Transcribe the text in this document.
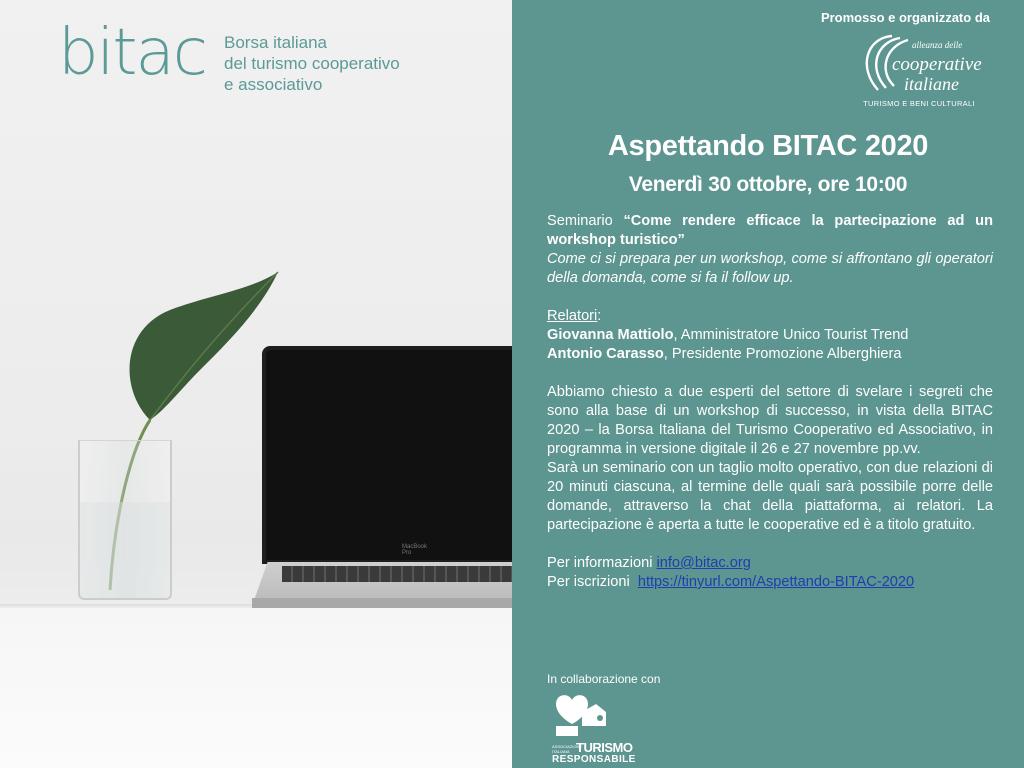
bitac	Borsa italiana
del turismo cooperativo
e associativo
MacBook Pro
Promosso e organizzato da
alleanza delle
cooperative
italiane
TURISMO E BENI CULTURALI
Aspettando BITAC 2020
Venerdì 30 ottobre, ore 10:00

Seminario “Come rendere efficace la partecipazione ad un workshop turistico”

Come ci si prepara per un workshop, come si affrontano gli operatori della domanda, come si fa il follow up.

Relatori:

Giovanna Mattiolo, Amministratore Unico Tourist Trend

Antonio Carasso, Presidente Promozione Alberghiera

Abbiamo chiesto a due esperti del settore di svelare i segreti che sono alla base di un workshop di successo, in vista della BITAC 2020 – la Borsa Italiana del Turismo Cooperativo ed Associativo, in programma in versione digitale il 26 e 27 novembre pp.vv.

Sarà un seminario con un taglio molto operativo, con due relazioni di 20 minuti ciascuna, al termine delle quali sarà possibile porre delle domande, attraverso la chat della piattaforma, ai relatori. La partecipazione è aperta a tutte le cooperative ed è a titolo gratuito.

Per informazioni info@bitac.org

Per iscrizioni  https://tinyurl.com/Aspettando-BITAC-2020

In collaborazione con
ASSOCIAZIONE ITALIANA TURISMO
RESPONSABILE
